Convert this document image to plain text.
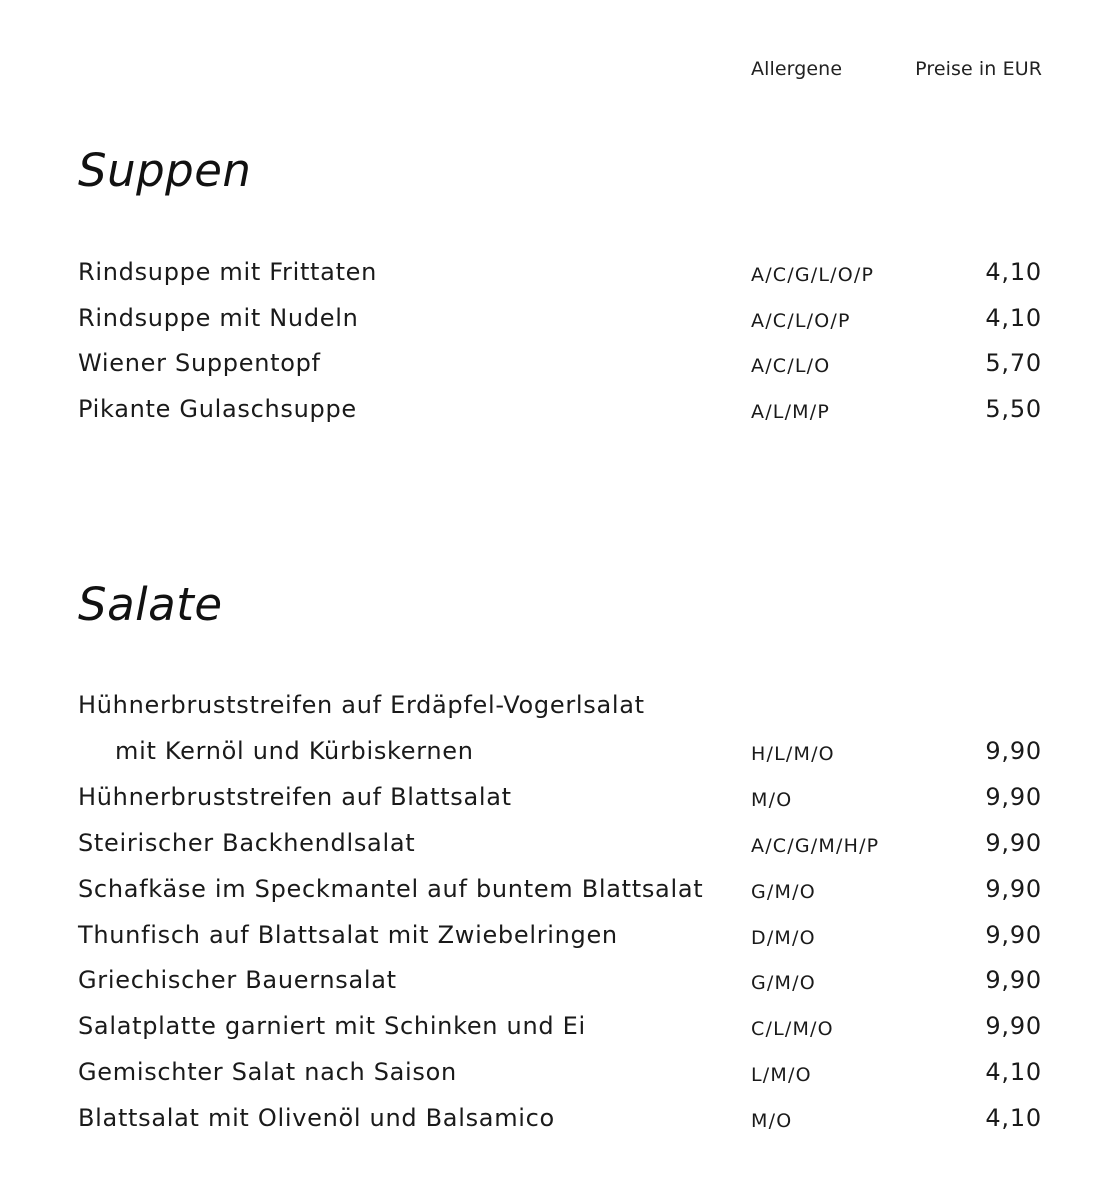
Allergene	Preise in EUR
Suppen
Rindsuppe mit Frittaten	A/C/G/L/O/P	4,10
Rindsuppe mit Nudeln	A/C/L/O/P	4,10
Wiener Suppentopf	A/C/L/O	5,70
Pikante Gulaschsuppe	A/L/M/P	5,50
Salate
Hühnerbruststreifen auf Erdäpfel-Vogerlsalat
mit Kernöl und Kürbiskernen	H/L/M/O	9,90
Hühnerbruststreifen auf Blattsalat	M/O	9,90
Steirischer Backhendlsalat	A/C/G/M/H/P	9,90
Schafkäse im Speckmantel auf buntem Blattsalat	G/M/O	9,90
Thunfisch auf Blattsalat mit Zwiebelringen	D/M/O	9,90
Griechischer Bauernsalat	G/M/O	9,90
Salatplatte garniert mit Schinken und Ei	C/L/M/O	9,90
Gemischter Salat nach Saison	L/M/O	4,10
Blattsalat mit Olivenöl und Balsamico	M/O	4,10
